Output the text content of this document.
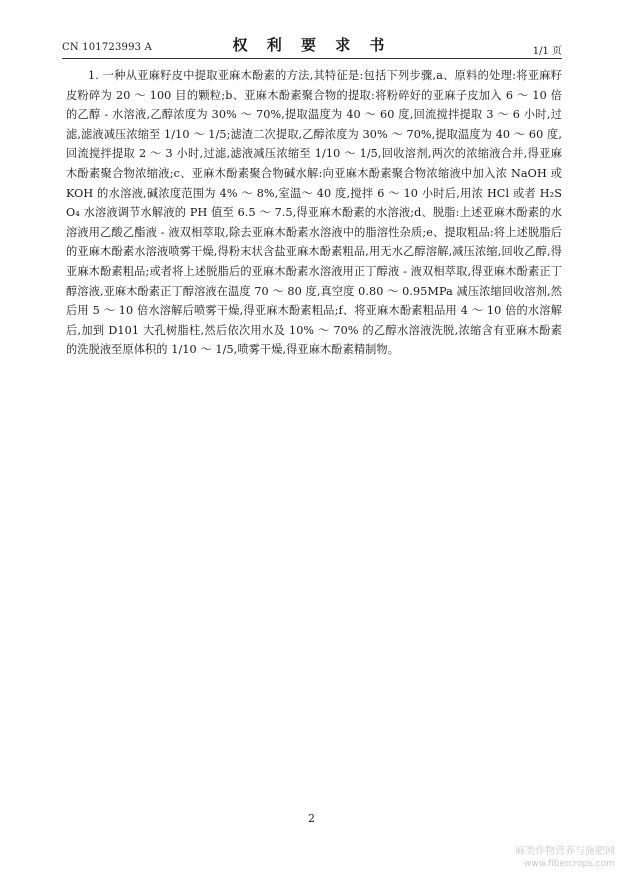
CN 101723993 A	权 利 要 求 书	1/1 页

1. 一种从亚麻籽皮中提取亚麻木酚素的方法,其特征是:包括下列步骤,a、原料的处理:将亚麻籽皮粉碎为 20 ～ 100 目的颗粒;b、亚麻木酚素聚合物的提取:将粉碎好的亚麻子皮加入 6 ～ 10 倍的乙醇 - 水溶液,乙醇浓度为 30% ～ 70%,提取温度为 40 ～ 60 度,回流搅拌提取 3 ～ 6 小时,过滤,滤液减压浓缩至 1/10 ～ 1/5;滤渣二次提取,乙醇浓度为 30% ～ 70%,提取温度为 40 ～ 60 度,回流搅拌提取 2 ～ 3 小时,过滤,滤液减压浓缩至 1/10 ～ 1/5,回收溶剂,两次的浓缩液合并,得亚麻木酚素聚合物浓缩液;c、亚麻木酚素聚合物碱水解:向亚麻木酚素聚合物浓缩液中加入浓 NaOH 或 KOH 的水溶液,碱浓度范围为 4% ～ 8%,室温～ 40 度,搅拌 6 ～ 10 小时后,用浓 HCl 或者 H₂SO₄ 水溶液调节水解液的 PH 值至 6.5 ～ 7.5,得亚麻木酚素的水溶液;d、脱脂:上述亚麻木酚素的水溶液用乙酸乙酯液 - 液双相萃取,除去亚麻木酚素水溶液中的脂溶性杂质;e、提取粗品:将上述脱脂后的亚麻木酚素水溶液喷雾干燥,得粉末状含盐亚麻木酚素粗品,用无水乙醇溶解,减压浓缩,回收乙醇,得亚麻木酚素粗品;或者将上述脱脂后的亚麻木酚素水溶液用正丁醇液 - 液双相萃取,得亚麻木酚素正丁醇溶液,亚麻木酚素正丁醇溶液在温度 70 ～ 80 度,真空度 0.80 ～ 0.95MPa 减压浓缩回收溶剂,然后用 5 ～ 10 倍水溶解后喷雾干燥,得亚麻木酚素粗品;f、将亚麻木酚素粗品用 4 ～ 10 倍的水溶解后,加到 D101 大孔树脂柱,然后依次用水及 10% ～ 70% 的乙醇水溶液洗脱,浓缩含有亚麻木酚素的洗脱液至原体积的 1/10 ～ 1/5,喷雾干燥,得亚麻木酚素精制物。

2
麻类作物营养与施肥网
www.fibercrops.com
